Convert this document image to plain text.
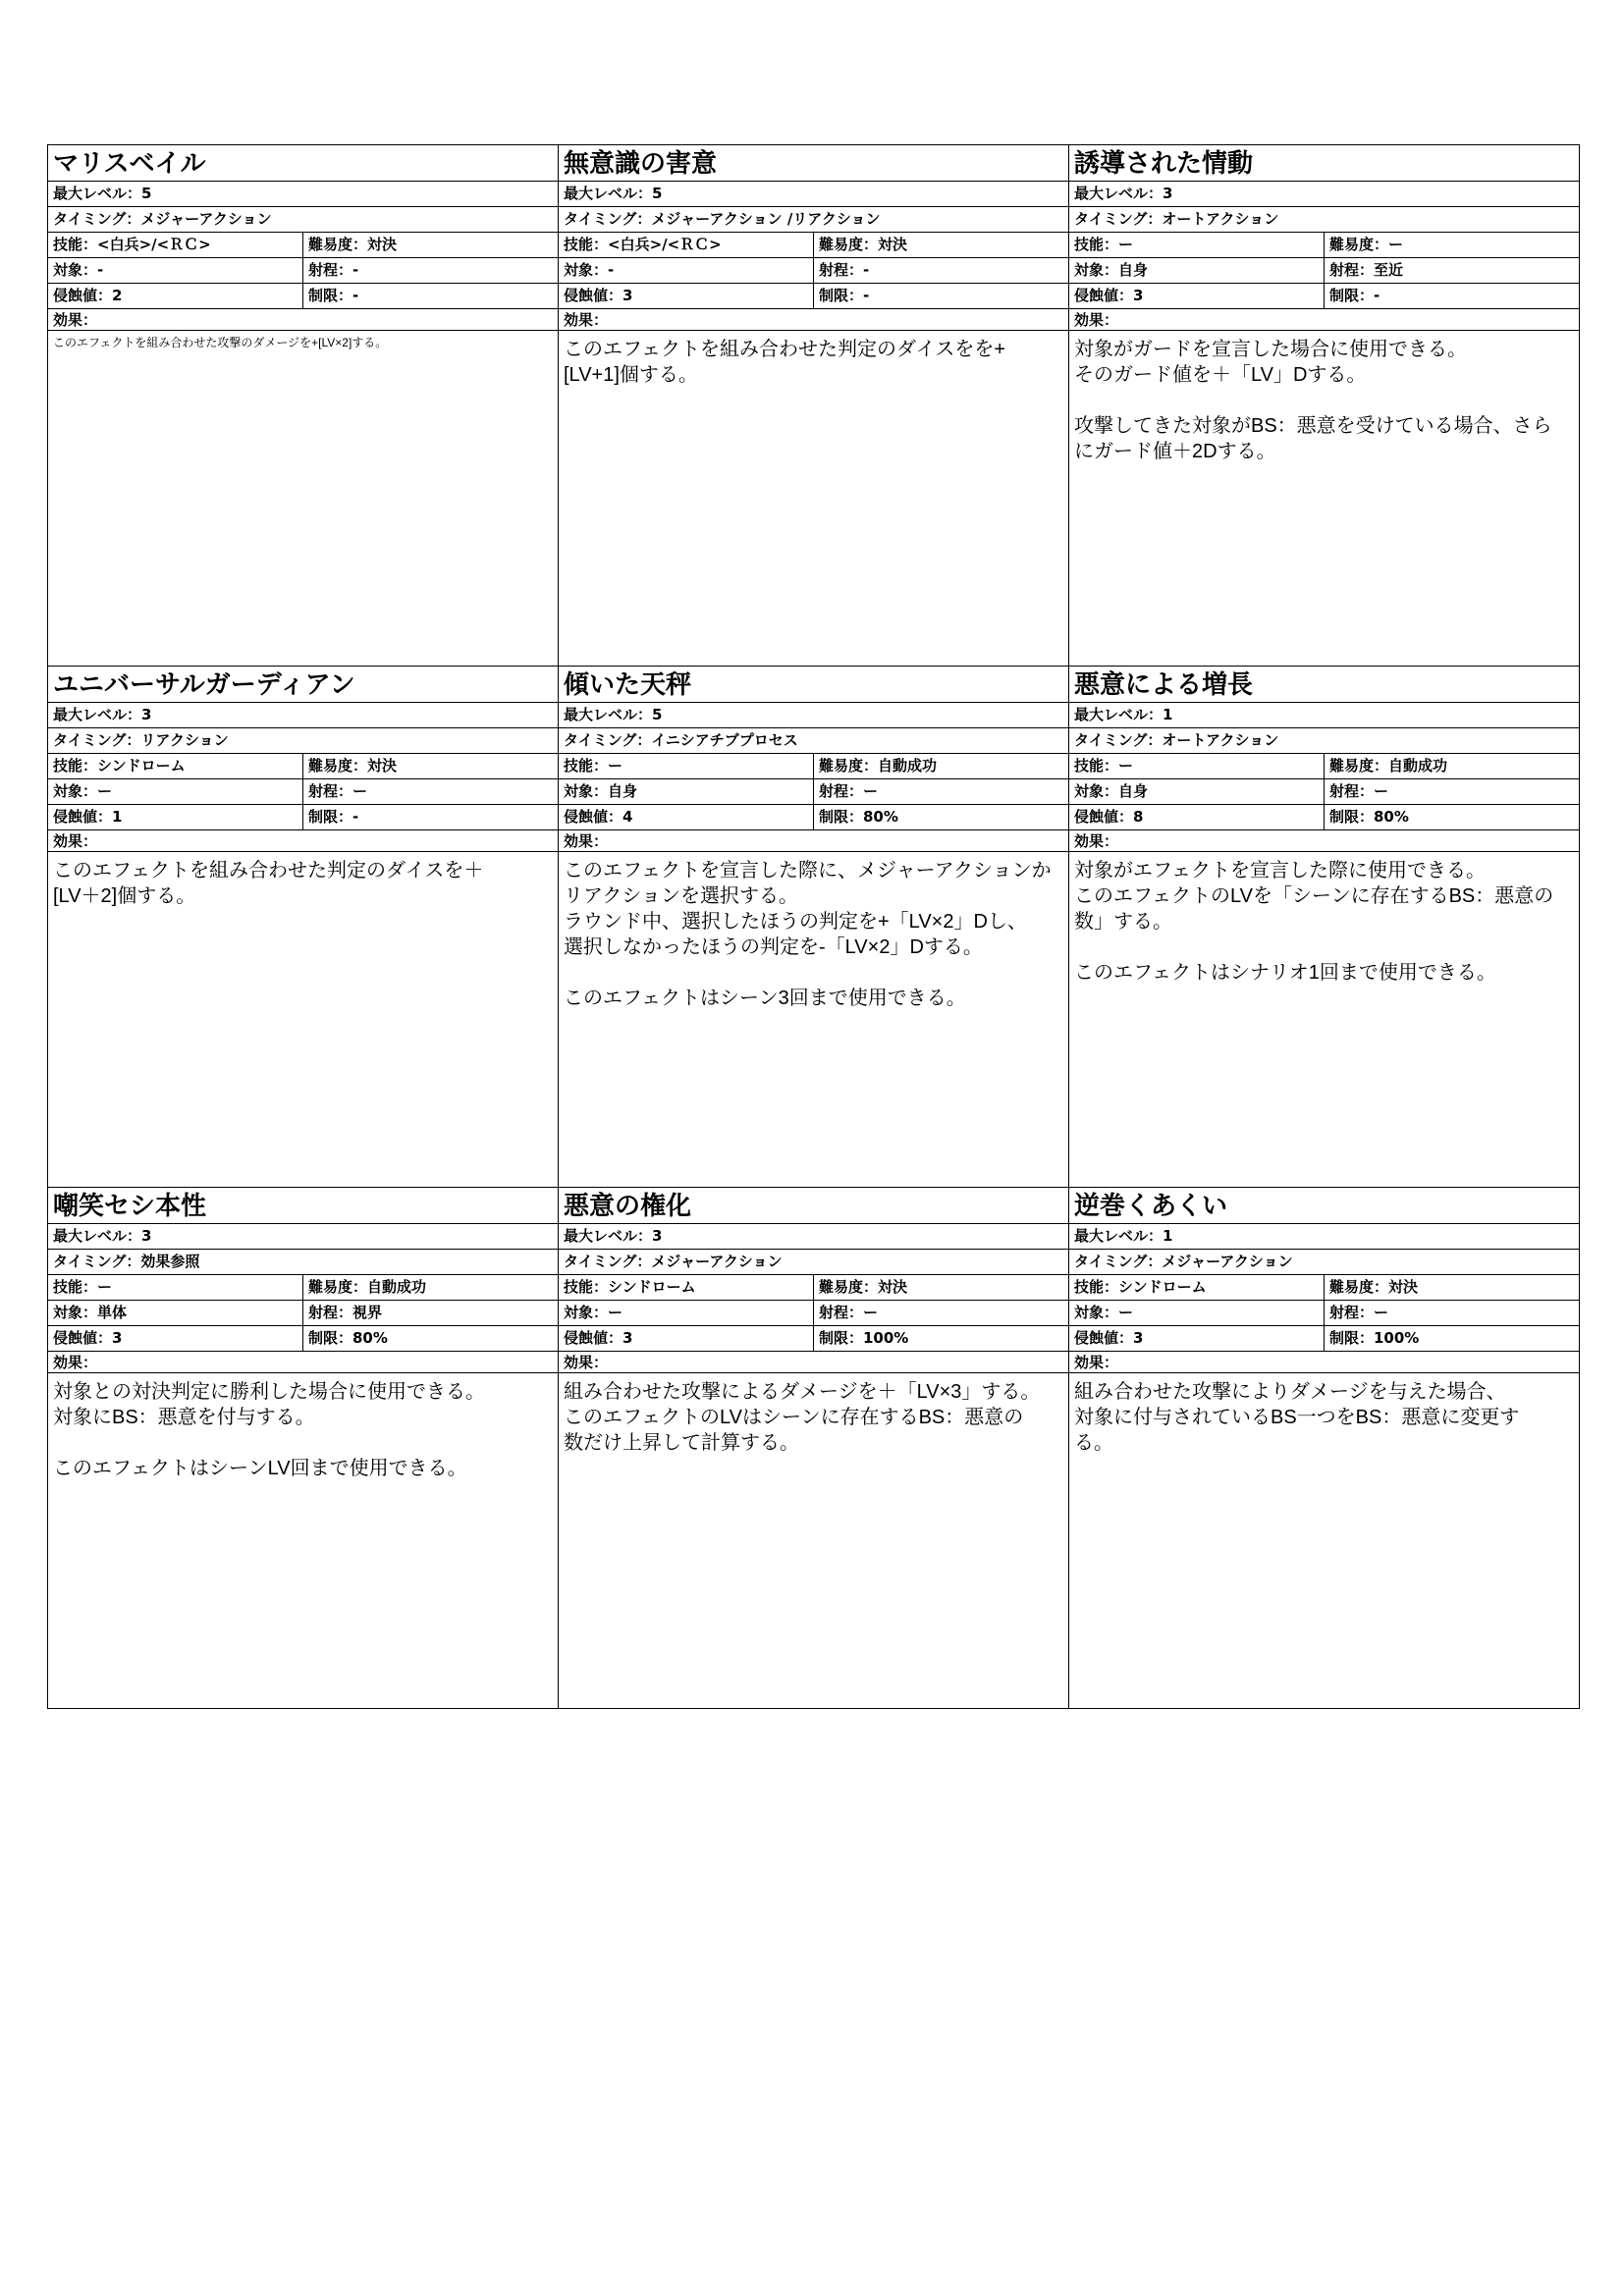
マリスベイル
最大レベル：5
タイミング：メジャーアクション
技能：<白兵>/<ＲＣ>	難易度：対決
対象：-	射程：-
侵蝕値：2	制限：-
効果：
このエフェクトを組み合わせた攻撃のダメージを+[LV×2]する。
無意識の害意
最大レベル：5
タイミング：メジャーアクション /リアクション
技能：<白兵>/<ＲＣ>	難易度：対決
対象：-	射程：-
侵蝕値：3	制限：-
効果：
このエフェクトを組み合わせた判定のダイスをを+
[LV+1]個する。
誘導された情動
最大レベル：3
タイミング：オートアクション
技能：ー	難易度：ー
対象：自身	射程：至近
侵蝕値：3	制限：-
効果：
対象がガードを宣言した場合に使用できる。
そのガード値を＋「LV」Dする。

攻撃してきた対象がBS：悪意を受けている場合、さら
にガード値＋2Dする。
ユニバーサルガーディアン
最大レベル：3
タイミング：リアクション
技能：シンドローム	難易度：対決
対象：ー	射程：ー
侵蝕値：1	制限：-
効果：
このエフェクトを組み合わせた判定のダイスを＋
[LV＋2]個する。
傾いた天秤
最大レベル：5
タイミング：イニシアチブプロセス
技能：ー	難易度：自動成功
対象：自身	射程：ー
侵蝕値：4	制限：80%
効果：
このエフェクトを宣言した際に、メジャーアクションか
リアクションを選択する。
ラウンド中、選択したほうの判定を+「LV×2」Dし、
選択しなかったほうの判定を-「LV×2」Dする。

このエフェクトはシーン3回まで使用できる。
悪意による増長
最大レベル：1
タイミング：オートアクション
技能：ー	難易度：自動成功
対象：自身	射程：ー
侵蝕値：8	制限：80%
効果：
対象がエフェクトを宣言した際に使用できる。
このエフェクトのLVを「シーンに存在するBS：悪意の
数」する。

このエフェクトはシナリオ1回まで使用できる。
嘲笑セシ本性
最大レベル：3
タイミング：効果参照
技能：ー	難易度：自動成功
対象：単体	射程：視界
侵蝕値：3	制限：80%
効果：
対象との対決判定に勝利した場合に使用できる。
対象にBS：悪意を付与する。

このエフェクトはシーンLV回まで使用できる。
悪意の権化
最大レベル：3
タイミング：メジャーアクション
技能：シンドローム	難易度：対決
対象：ー	射程：ー
侵蝕値：3	制限：100%
効果：
組み合わせた攻撃によるダメージを＋「LV×3」する。
このエフェクトのLVはシーンに存在するBS：悪意の
数だけ上昇して計算する。
逆巻くあくい
最大レベル：1
タイミング：メジャーアクション
技能：シンドローム	難易度：対決
対象：ー	射程：ー
侵蝕値：3	制限：100%
効果：
組み合わせた攻撃によりダメージを与えた場合、
対象に付与されているBS一つをBS：悪意に変更す
る。
